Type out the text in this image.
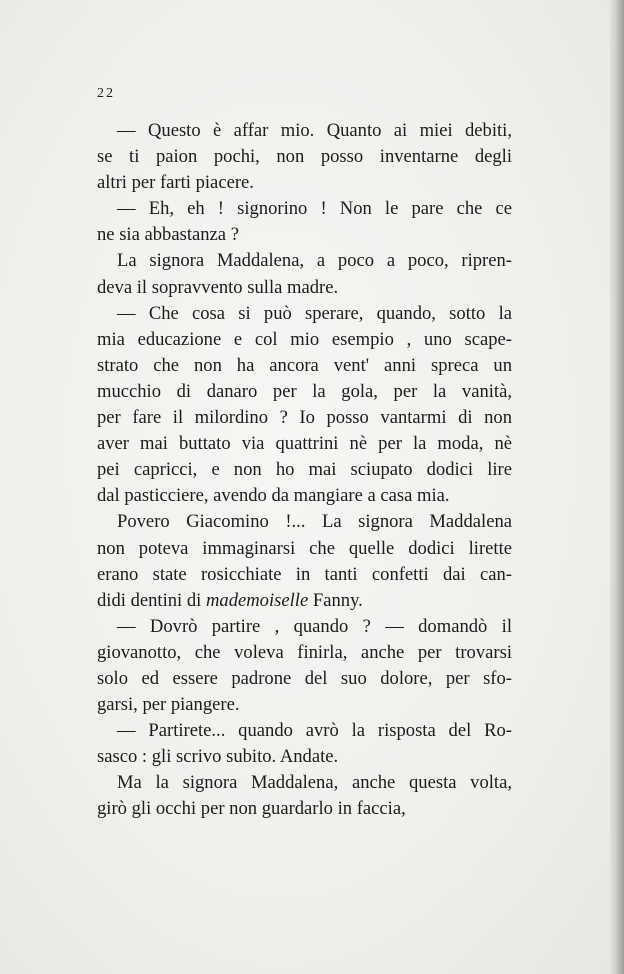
22
— Questo è affar mio. Quanto ai miei debiti,
se ti paion pochi, non posso inventarne degli
altri per farti piacere.
— Eh, eh ! signorino ! Non le pare che ce
ne sia abbastanza ?
La signora Maddalena, a poco a poco, ripren-
deva il sopravvento sulla madre.
— Che cosa si può sperare, quando, sotto la
mia educazione e col mio esempio , uno scape-
strato che non ha ancora vent' anni spreca un
mucchio di danaro per la gola, per la vanità,
per fare il milordino ? Io posso vantarmi di non
aver mai buttato via quattrini nè per la moda, nè
pei capricci, e non ho mai sciupato dodici lire
dal pasticciere, avendo da mangiare a casa mia.
Povero Giacomino !... La signora Maddalena
non poteva immaginarsi che quelle dodici lirette
erano state rosicchiate in tanti confetti dai can-
didi dentini di mademoiselle Fanny.
— Dovrò partire , quando ? — domandò il
giovanotto, che voleva finirla, anche per trovarsi
solo ed essere padrone del suo dolore, per sfo-
garsi, per piangere.
— Partirete... quando avrò la risposta del Ro-
sasco : gli scrivo subito. Andate.
Ma la signora Maddalena, anche questa volta,
girò gli occhi per non guardarlo in faccia,
